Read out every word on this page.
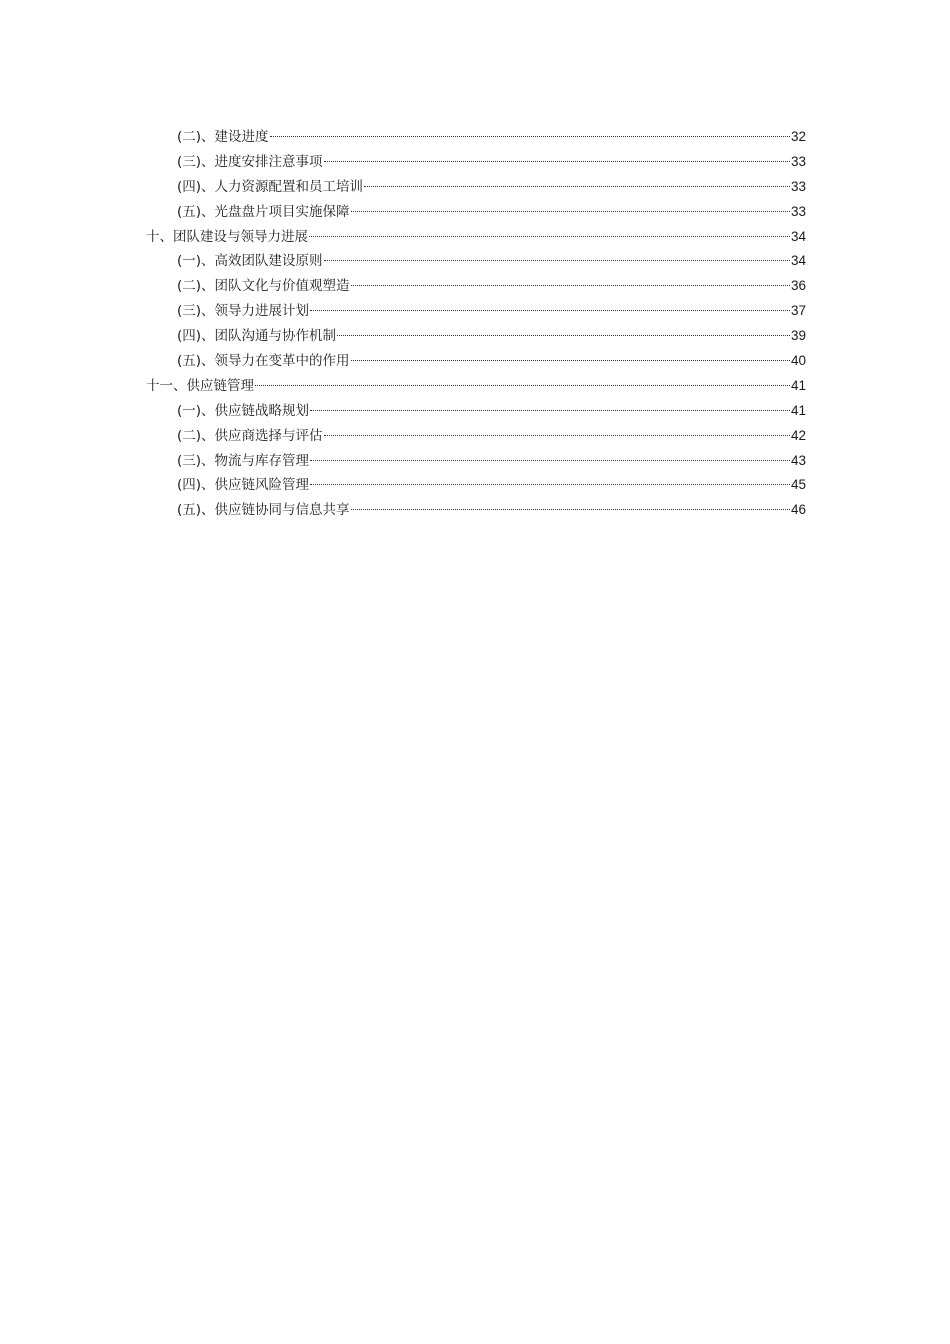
(二)、建设进度	32
(三)、进度安排注意事项	33
(四)、人力资源配置和员工培训	33
(五)、光盘盘片项目实施保障	33
十、团队建设与领导力进展	34
(一)、高效团队建设原则	34
(二)、团队文化与价值观塑造	36
(三)、领导力进展计划	37
(四)、团队沟通与协作机制	39
(五)、领导力在变革中的作用	40
十一、供应链管理	41
(一)、供应链战略规划	41
(二)、供应商选择与评估	42
(三)、物流与库存管理	43
(四)、供应链风险管理	45
(五)、供应链协同与信息共享	46
